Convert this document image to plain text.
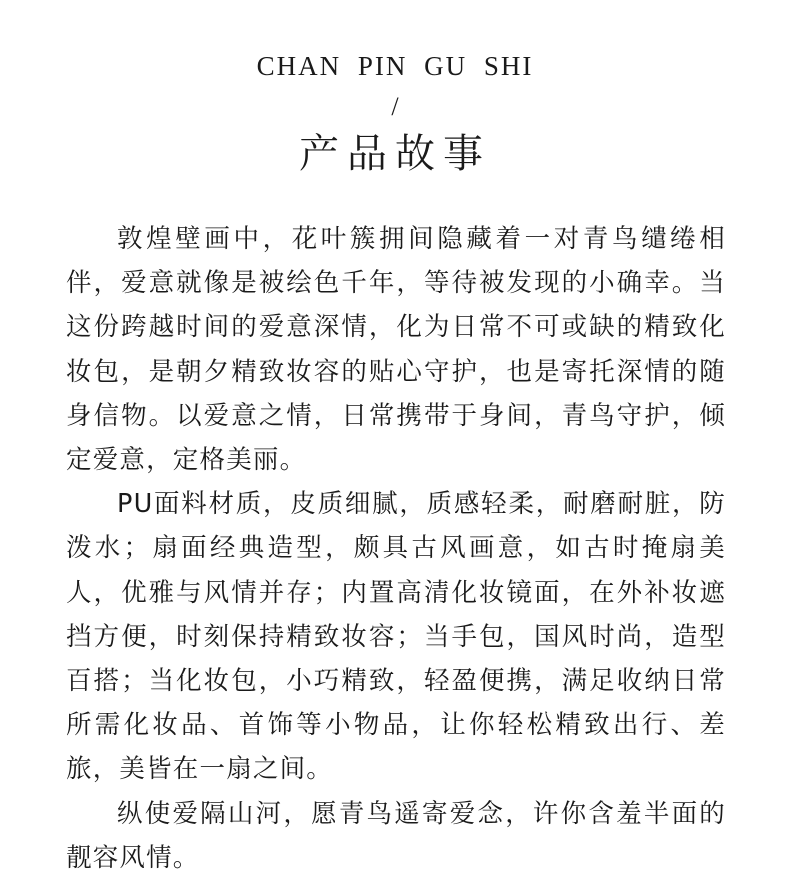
CHAN PIN GU SHI
/
产品故事

敦煌壁画中，花叶簇拥间隐藏着一对青鸟缱绻相伴，爱意就像是被绘色千年，等待被发现的小确幸。当这份跨越时间的爱意深情，化为日常不可或缺的精致化妆包，是朝夕精致妆容的贴心守护，也是寄托深情的随身信物。以爱意之情，日常携带于身间，青鸟守护，倾定爱意，定格美丽。

PU面料材质，皮质细腻，质感轻柔，耐磨耐脏，防泼水；扇面经典造型，颇具古风画意，如古时掩扇美人，优雅与风情并存；内置高清化妆镜面，在外补妆遮挡方便，时刻保持精致妆容；当手包，国风时尚，造型百搭；当化妆包，小巧精致，轻盈便携，满足收纳日常所需化妆品、首饰等小物品，让你轻松精致出行、差旅，美皆在一扇之间。

纵使爱隔山河，愿青鸟遥寄爱念，许你含羞半面的靓容风情。
